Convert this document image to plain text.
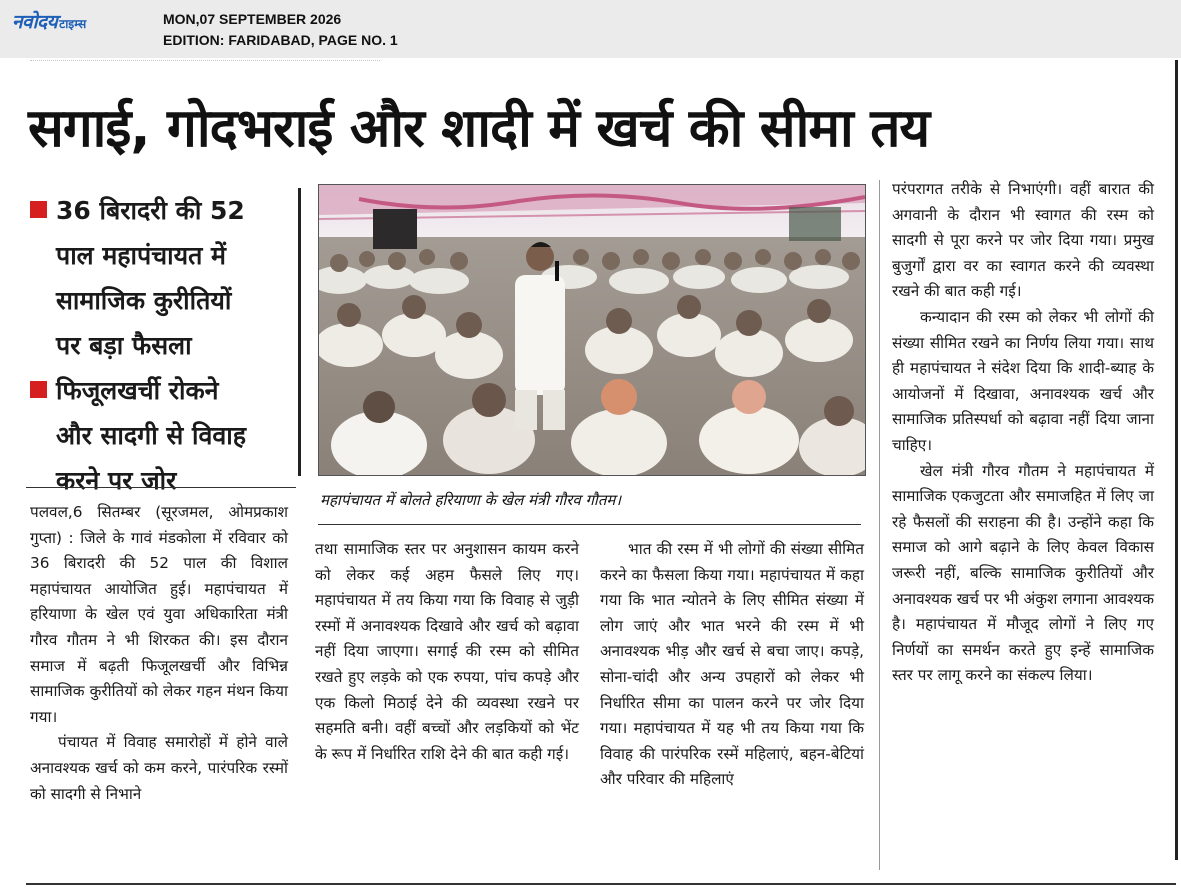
नवोदय टाइम्स	MON,07 SEPTEMBER 2026
EDITION: FARIDABAD, PAGE NO. 1
सगाई, गोदभराई और शादी में खर्च की सीमा तय
36 बिरादरी की 52
पाल महापंचायत में
सामाजिक कुरीतियों
पर बड़ा फैसला
फिजूलखर्ची रोकने
और सादगी से विवाह
करने पर जोर
महापंचायत में बोलते हरियाणा के खेल मंत्री गौरव गौतम।

पलवल,6 सितम्बर (सूरजमल, ओमप्रकाश गुप्ता) : जिले के गावं मंडकोला में रविवार को 36 बिरादरी की 52 पाल की विशाल महापंचायत आयोजित हुई। महापंचायत में हरियाणा के खेल एवं युवा अधिकारिता मंत्री गौरव गौतम ने भी शिरकत की। इस दौरान समाज में बढ़ती फिजूलखर्ची और विभिन्न सामाजिक कुरीतियों को लेकर गहन मंथन किया गया।

पंचायत में विवाह समारोहों में होने वाले अनावश्यक खर्च को कम करने, पारंपरिक रस्मों को सादगी से निभाने

तथा सामाजिक स्तर पर अनुशासन कायम करने को लेकर कई अहम फैसले लिए गए। महापंचायत में तय किया गया कि विवाह से जुड़ी रस्मों में अनावश्यक दिखावे और खर्च को बढ़ावा नहीं दिया जाएगा। सगाई की रस्म को सीमित रखते हुए लड़के को एक रुपया, पांच कपड़े और एक किलो मिठाई देने की व्यवस्था रखने पर सहमति बनी। वहीं बच्चों और लड़कियों को भेंट के रूप में निर्धारित राशि देने की बात कही गई।

भात की रस्म में भी लोगों की संख्या सीमित करने का फैसला किया गया। महापंचायत में कहा गया कि भात न्योतने के लिए सीमित संख्या में लोग जाएं और भात भरने की रस्म में भी अनावश्यक भीड़ और खर्च से बचा जाए। कपड़े, सोना-चांदी और अन्य उपहारों को लेकर भी निर्धारित सीमा का पालन करने पर जोर दिया गया। महापंचायत में यह भी तय किया गया कि विवाह की पारंपरिक रस्में महिलाएं, बहन-बेटियां और परिवार की महिलाएं

परंपरागत तरीके से निभाएंगी। वहीं बारात की अगवानी के दौरान भी स्वागत की रस्म को सादगी से पूरा करने पर जोर दिया गया। प्रमुख बुजुर्गों द्वारा वर का स्वागत करने की व्यवस्था रखने की बात कही गई।

कन्यादान की रस्म को लेकर भी लोगों की संख्या सीमित रखने का निर्णय लिया गया। साथ ही महापंचायत ने संदेश दिया कि शादी-ब्याह के आयोजनों में दिखावा, अनावश्यक खर्च और सामाजिक प्रतिस्पर्धा को बढ़ावा नहीं दिया जाना चाहिए।

खेल मंत्री गौरव गौतम ने महापंचायत में सामाजिक एकजुटता और समाजहित में लिए जा रहे फैसलों की सराहना की है। उन्होंने कहा कि समाज को आगे बढ़ाने के लिए केवल विकास जरूरी नहीं, बल्कि सामाजिक कुरीतियों और अनावश्यक खर्च पर भी अंकुश लगाना आवश्यक है। महापंचायत में मौजूद लोगों ने लिए गए निर्णयों का समर्थन करते हुए इन्हें सामाजिक स्तर पर लागू करने का संकल्प लिया।
